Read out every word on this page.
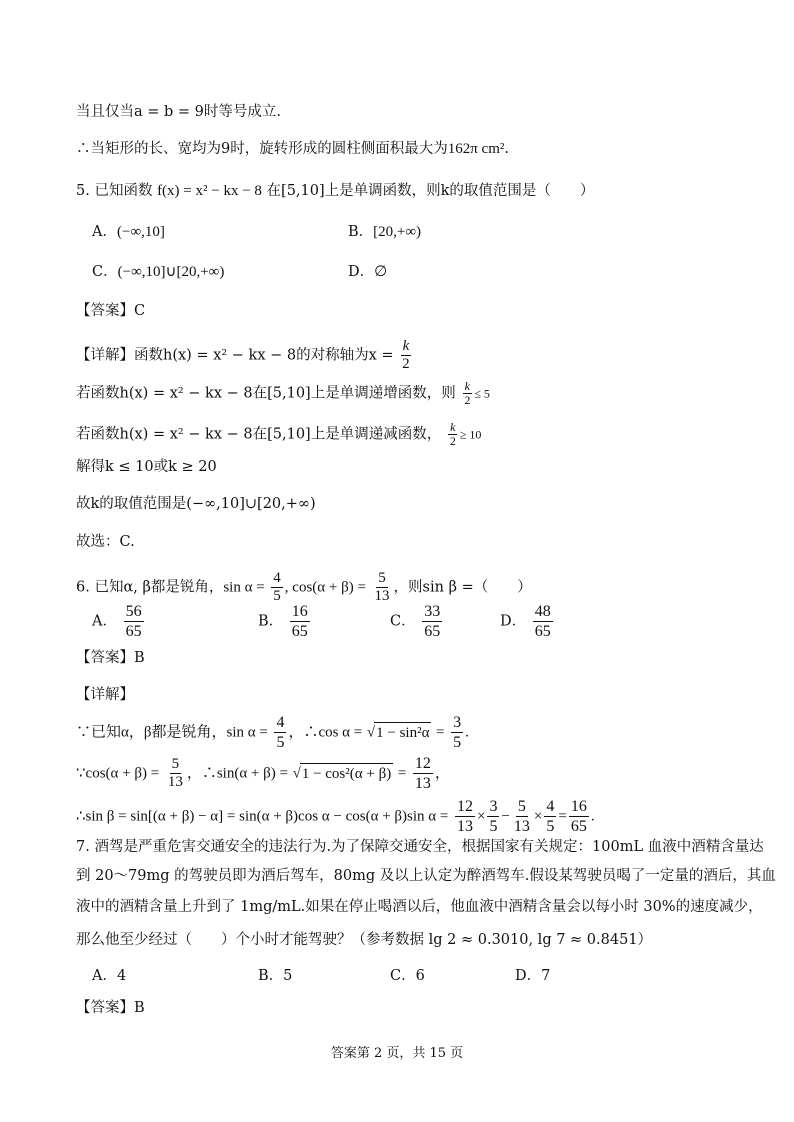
当且仅当a = b = 9时等号成立.
∴当矩形的长、宽均为9时，旋转形成的圆柱侧面积最大为162π cm².
5. 已知函数 f(x) = x² − kx − 8 在[5,10]上是单调函数，则k的取值范围是（　　）
A．(−∞,10]	B．[20,+∞)
C．(−∞,10]∪[20,+∞)	D．∅
【答案】C
【详解】函数h(x) = x² − kx − 8的对称轴为$x = \frac{k}{2}$
若函数h(x) = x² − kx − 8在[5,10]上是单调递增函数，则 $\frac{k}{2} \le 5$
若函数h(x) = x² − kx − 8在[5,10]上是单调递减函数， $\frac{k}{2} \ge 10$
解得k ≤ 10或k ≥ 20
故k的取值范围是(−∞,10]∪[20,+∞)
故选：C.
6. 已知α, β都是锐角，$\sin \alpha = \frac{4}{5}$ , $\cos(\alpha + \beta) = \frac{5}{13}$ ，则sin β =（　　）
A． $\frac{56}{65}$	B． $\frac{16}{65}$	C． $\frac{33}{65}$	D． $\frac{48}{65}$
【答案】B
【详解】
∵已知α，β都是锐角，$\sin \alpha = \frac{4}{5}$ ，∴cos $\alpha = √1 - \sin^2\alpha = \frac{3}{5}$ .
∵cos(α + $\beta) = \frac{5}{13}$ ，∴sin(α + $\beta) = √1 - \cos^2(\alpha + \beta) = \frac{12}{13}$ ，
∴sin β = sin[(α + β) − α] = sin(α + β)cos α − cos(α + β)sin $\alpha = \frac{12}{13} \times \frac{3}{5} - \frac{5}{13} \times \frac{4}{5} = \frac{16}{65}$ .
7. 酒驾是严重危害交通安全的违法行为.为了保障交通安全，根据国家有关规定：100mL 血液中酒精含量达
到 20～79mg 的驾驶员即为酒后驾车，80mg 及以上认定为醉酒驾车.假设某驾驶员喝了一定量的酒后，其血
液中的酒精含量上升到了 1mg/mL.如果在停止喝酒以后，他血液中酒精含量会以每小时 30%的速度减少，
那么他至少经过（　　）个小时才能驾驶？（参考数据 lg 2 ≈ 0.3010, lg 7 ≈ 0.8451）
A．4	B．5	C．6	D．7
【答案】B
答案第 2 页，共 15 页
